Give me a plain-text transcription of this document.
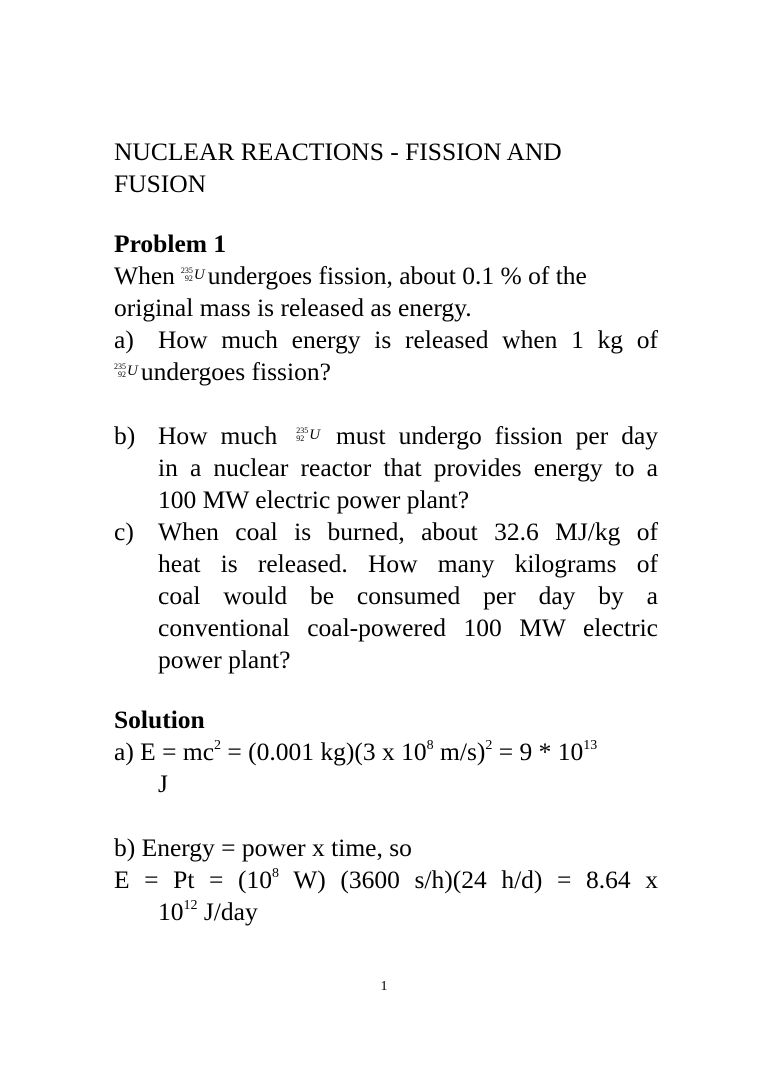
NUCLEAR REACTIONS - FISSION AND
FUSION
Problem 1
When 235
92 U undergoes fission, about 0.1 % of the
original mass is released as energy.
a) How much energy is released when 1 kg of
235
92 U undergoes fission?
b) How much 235
92 U must undergo fission per day
in a nuclear reactor that provides energy to a
100 MW electric power plant?
c) When coal is burned, about 32.6 MJ/kg of
heat is released. How many kilograms of
coal would be consumed per day by a
conventional coal-powered 100 MW electric
power plant?
Solution
a) $E = mc^2 = (0.001$ kg)(3 x $10^8$ $m/s)^2 = 9 * 10^{13}$
J
b) Energy = power x time, so
$E = Pt = (10^8$ W) (3600 s/h)(24 h/d) = 8.64 x
$10^{12}$ J/day
1
